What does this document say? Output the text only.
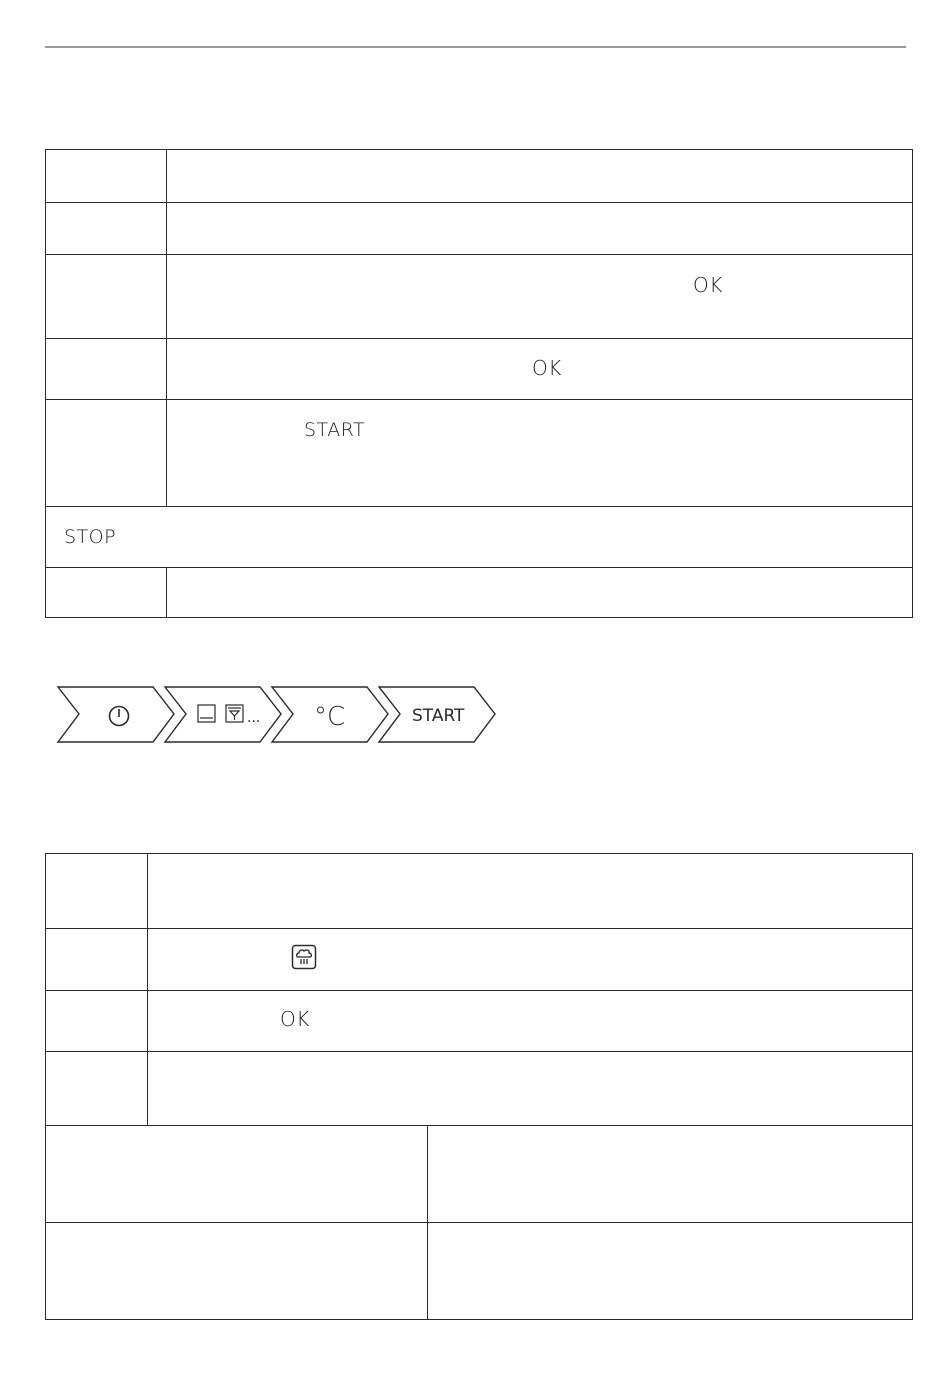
OK
OK
START
STOP
... °C	START
OK
